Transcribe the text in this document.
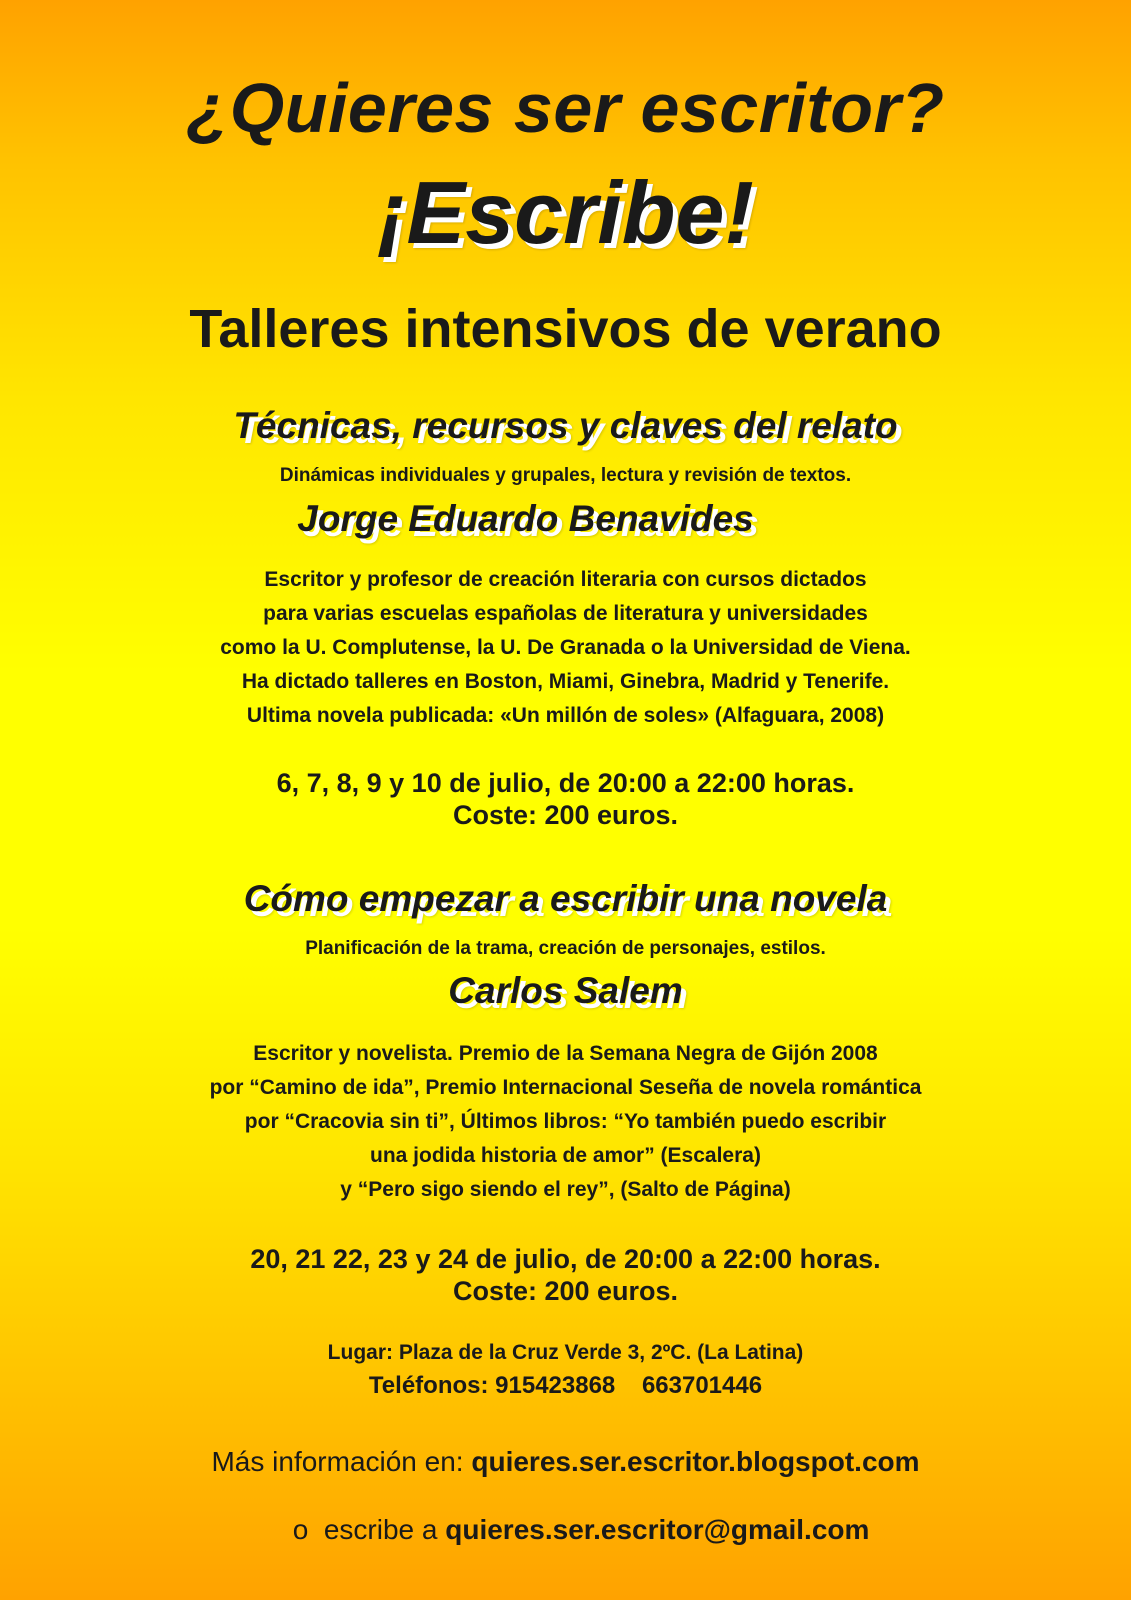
¿Quieres ser escritor?
¡Escribe!
Talleres intensivos de verano
Técnicas, recursos y claves del relato
Dinámicas individuales y grupales, lectura y revisión de textos.
Jorge Eduardo Benavides
Escritor y profesor de creación literaria con cursos dictados
para varias escuelas españolas de literatura y universidades
como la U. Complutense, la U. De Granada o la Universidad de Viena.
Ha dictado talleres en Boston, Miami, Ginebra, Madrid y Tenerife.
Ultima novela publicada: «Un millón de soles» (Alfaguara, 2008)
6, 7, 8, 9 y 10 de julio, de 20:00 a 22:00 horas.
Coste: 200 euros.
Cómo empezar a escribir una novela
Planificación de la trama, creación de personajes, estilos.
Carlos Salem
Escritor y novelista. Premio de la Semana Negra de Gijón 2008
por “Camino de ida”, Premio Internacional Seseña de novela romántica
por “Cracovia sin ti”, Últimos libros: “Yo también puedo escribir
una jodida historia de amor” (Escalera)
y “Pero sigo siendo el rey”, (Salto de Página)
20, 21 22, 23 y 24 de julio, de 20:00 a 22:00 horas.
Coste: 200 euros.
Lugar: Plaza de la Cruz Verde 3, 2ºC. (La Latina)
Teléfonos: 915423868    663701446
Más información en: quieres.ser.escritor.blogspot.com

o  escribe a quieres.ser.escritor@gmail.com
